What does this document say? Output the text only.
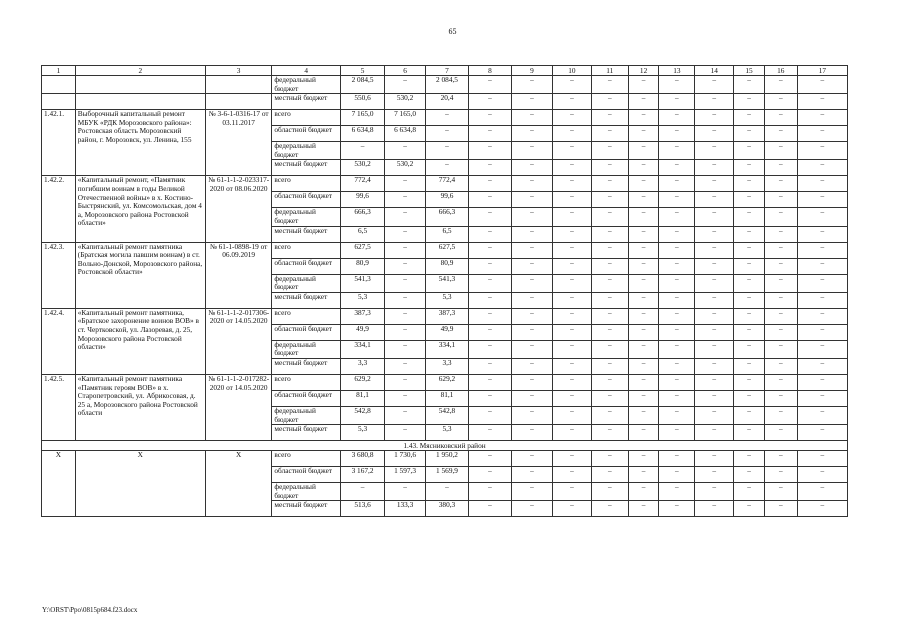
65
1	2	3	4	5	6	7	8	9	10	11	12	13	14	15	16	17
			федеральный бюджет	2 084,5	–	2 084,5	–	–	–	–	–	–	–	–	–	–
			местный бюджет	550,6	530,2	20,4	–	–	–	–	–	–	–	–	–	–
1.42.1.	Выборочный капитальный ремонт МБУК «РДК Морозовского района»: Ростовская область Морозовский район, г. Морозовск, ул. Ленина, 155	№ 3-6-1-0316-17 от 03.11.2017	всего	7 165,0	7 165,0	–	–	–	–	–	–	–	–	–	–	–
			областной бюджет	6 634,8	6 634,8	–	–	–	–	–	–	–	–	–	–	–
			федеральный бюджет	–	–	–	–	–	–	–	–	–	–	–	–	–
			местный бюджет	530,2	530,2	–	–	–	–	–	–	–	–	–	–	–
1.42.2.	«Капитальный ремонт, «Памятник погибшим воинам в годы Великой Отечественной войны» в х. Костино-Быстрянский, ул. Комсомольская, дом 4 а, Морозовского района Ростовской области»	№ 61-1-1-2-023317-2020 от 08.06.2020	всего	772,4	–	772,4	–	–	–	–	–	–	–	–	–	–
			областной бюджет	99,6	–	99,6	–	–	–	–	–	–	–	–	–	–
			федеральный бюджет	666,3	–	666,3	–	–	–	–	–	–	–	–	–	–
			местный бюджет	6,5	–	6,5	–	–	–	–	–	–	–	–	–	–
1.42.3.	«Капитальный ремонт памятника (Братская могила павшим воинам) в ст. Вольно-Донской, Морозовского района, Ростовской области»	№ 61-1-0898-19 от 06.09.2019	всего	627,5	–	627,5	–	–	–	–	–	–	–	–	–	–
			областной бюджет	80,9	–	80,9	–	–	–	–	–	–	–	–	–	–
			федеральный бюджет	541,3	–	541,3	–	–	–	–	–	–	–	–	–	–
			местный бюджет	5,3	–	5,3	–	–	–	–	–	–	–	–	–	–
1.42.4.	«Капитальный ремонт памятника, «Братское захоронение воинов ВОВ» в ст. Чертковской, ул. Лазоревая, д. 25, Морозовского района Ростовской области»	№ 61-1-1-2-017306-2020 от 14.05.2020	всего	387,3	–	387,3	–	–	–	–	–	–	–	–	–	–
			областной бюджет	49,9	–	49,9	–	–	–	–	–	–	–	–	–	–
			федеральный бюджет	334,1	–	334,1	–	–	–	–	–	–	–	–	–	–
			местный бюджет	3,3	–	3,3	–	–	–	–	–	–	–	–	–	–
1.42.5.	«Капитальный ремонт памятника «Памятник героям ВОВ» в х. Старопетровский, ул. Абрикосовая, д. 25 а, Морозовского района Ростовской области	№ 61-1-1-2-017282-2020 от 14.05.2020	всего	629,2	–	629,2	–	–	–	–	–	–	–	–	–	–
			областной бюджет	81,1	–	81,1	–	–	–	–	–	–	–	–	–	–
			федеральный бюджет	542,8	–	542,8	–	–	–	–	–	–	–	–	–	–
			местный бюджет	5,3	–	5,3	–	–	–	–	–	–	–	–	–	–
1.43. Мясниковский район																
X	X	X	всего	3 680,8	1 730,6	1 950,2	–	–	–	–	–	–	–	–	–	–
			областной бюджет	3 167,2	1 597,3	1 569,9	–	–	–	–	–	–	–	–	–	–
			федеральный бюджет	–	–	–	–	–	–	–	–	–	–	–	–	–
			местный бюджет	513,6	133,3	380,3	–	–	–	–	–	–	–	–	–	–
Y:\ORST\Ppo\0815p684.f23.docx
